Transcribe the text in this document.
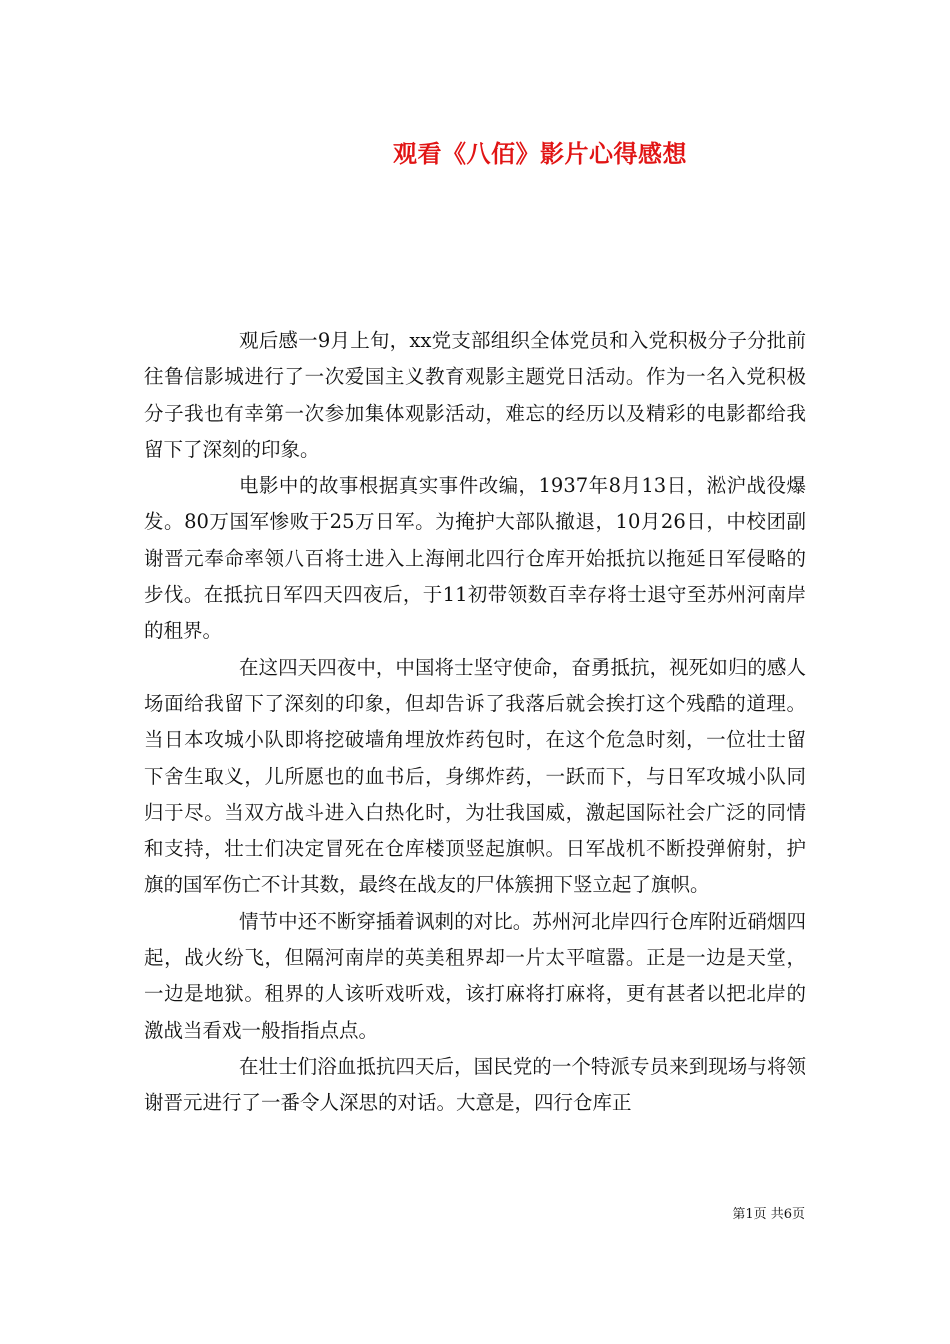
观看《八佰》影片心得感想

观后感一9月上旬，xx党支部组织全体党员和入党积极分子分批前往鲁信影城进行了一次爱国主义教育观影主题党日活动。作为一名入党积极分子我也有幸第一次参加集体观影活动，难忘的经历以及精彩的电影都给我留下了深刻的印象。

电影中的故事根据真实事件改编，1937年8月13日，淞沪战役爆发。80万国军惨败于25万日军。为掩护大部队撤退，10月26日，中校团副谢晋元奉命率领八百将士进入上海闸北四行仓库开始抵抗以拖延日军侵略的步伐。在抵抗日军四天四夜后，于11初带领数百幸存将士退守至苏州河南岸的租界。

在这四天四夜中，中国将士坚守使命，奋勇抵抗，视死如归的感人场面给我留下了深刻的印象，但却告诉了我落后就会挨打这个残酷的道理。当日本攻城小队即将挖破墙角埋放炸药包时，在这个危急时刻，一位壮士留下舍生取义，儿所愿也的血书后，身绑炸药，一跃而下，与日军攻城小队同归于尽。当双方战斗进入白热化时，为壮我国威，激起国际社会广泛的同情和支持，壮士们决定冒死在仓库楼顶竖起旗帜。日军战机不断投弹俯射，护旗的国军伤亡不计其数，最终在战友的尸体簇拥下竖立起了旗帜。

情节中还不断穿插着讽刺的对比。苏州河北岸四行仓库附近硝烟四起，战火纷飞，但隔河南岸的英美租界却一片太平喧嚣。正是一边是天堂，一边是地狱。租界的人该听戏听戏，该打麻将打麻将，更有甚者以把北岸的激战当看戏一般指指点点。

在壮士们浴血抵抗四天后，国民党的一个特派专员来到现场与将领谢晋元进行了一番令人深思的对话。大意是，四行仓库正

第1页 共6页
